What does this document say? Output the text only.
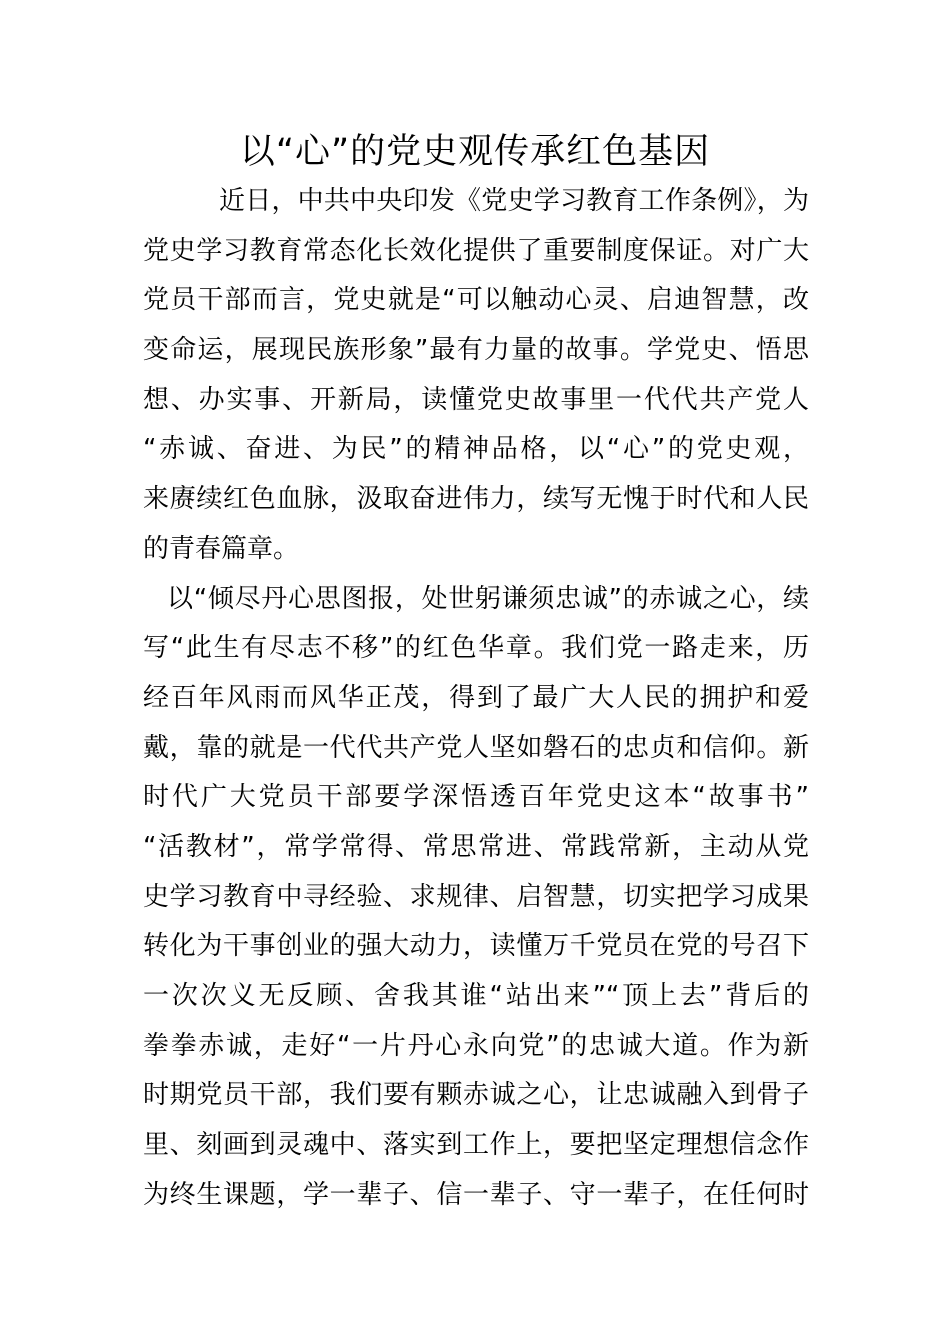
以“心”的党史观传承红色基因
近日，中共中央印发《党史学习教育工作条例》，为
党史学习教育常态化长效化提供了重要制度保证。对广大
党员干部而言，党史就是“可以触动心灵、启迪智慧，改
变命运，展现民族形象”最有力量的故事。学党史、悟思
想、办实事、开新局，读懂党史故事里一代代共产党人
“赤诚、奋进、为民”的精神品格，以“心”的党史观，
来赓续红色血脉，汲取奋进伟力，续写无愧于时代和人民
的青春篇章。
以“倾尽丹心思图报，处世躬谦须忠诚”的赤诚之心，续
写“此生有尽志不移”的红色华章。我们党一路走来，历
经百年风雨而风华正茂，得到了最广大人民的拥护和爱
戴，靠的就是一代代共产党人坚如磐石的忠贞和信仰。新
时代广大党员干部要学深悟透百年党史这本“故事书”
“活教材”，常学常得、常思常进、常践常新，主动从党
史学习教育中寻经验、求规律、启智慧，切实把学习成果
转化为干事创业的强大动力，读懂万千党员在党的号召下
一次次义无反顾、舍我其谁“站出来”“顶上去”背后的
拳拳赤诚，走好“一片丹心永向党”的忠诚大道。作为新
时期党员干部，我们要有颗赤诚之心，让忠诚融入到骨子
里、刻画到灵魂中、落实到工作上，要把坚定理想信念作
为终生课题，学一辈子、信一辈子、守一辈子，在任何时
